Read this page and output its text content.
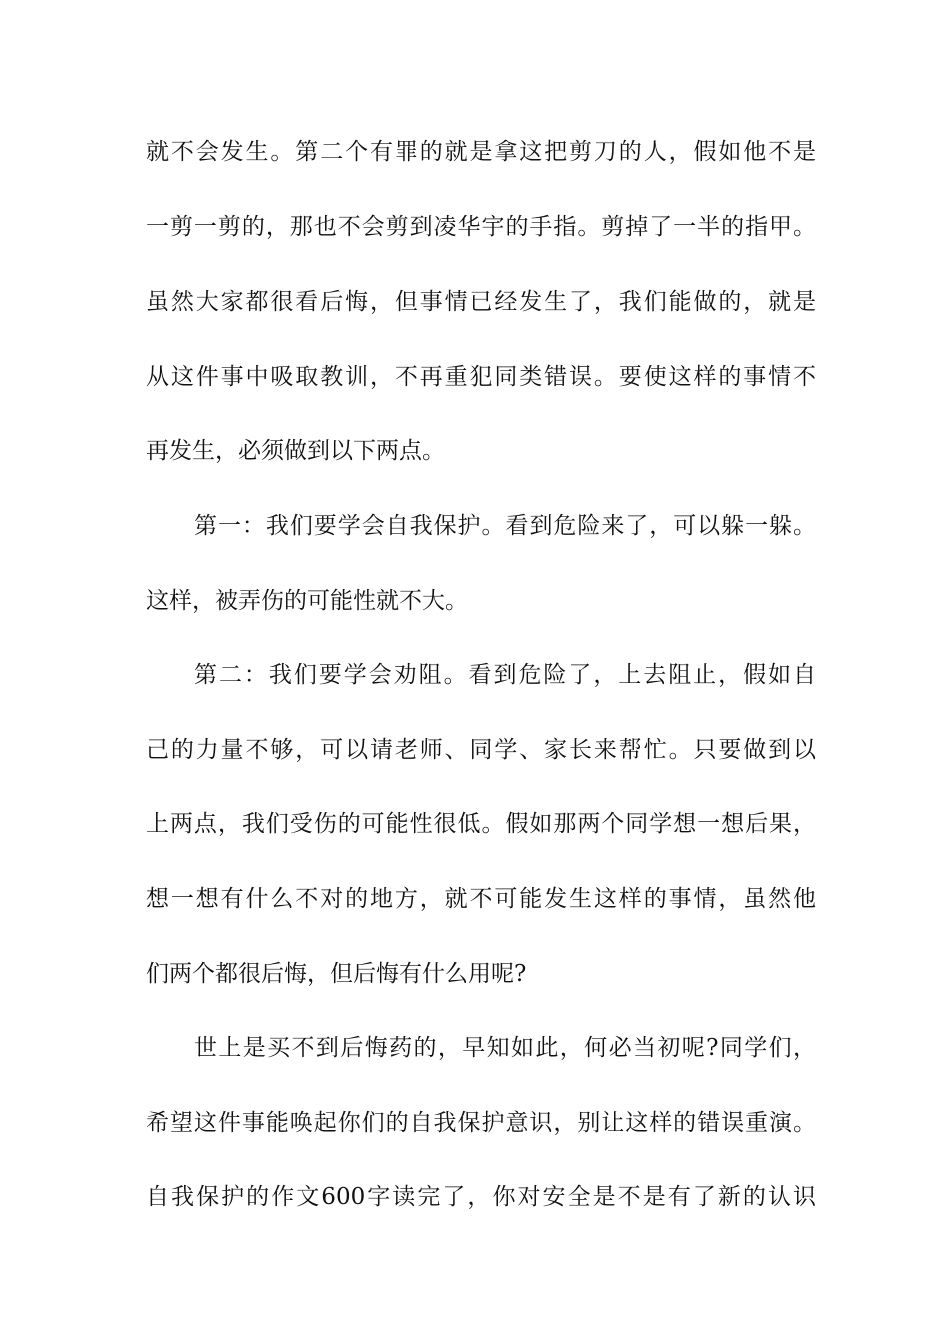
就不会发生。第二个有罪的就是拿这把剪刀的人，假如他不是
一剪一剪的，那也不会剪到凌华宇的手指。剪掉了一半的指甲。
虽然大家都很看后悔，但事情已经发生了，我们能做的，就是
从这件事中吸取教训，不再重犯同类错误。要使这样的事情不
再发生，必须做到以下两点。
第一：我们要学会自我保护。看到危险来了，可以躲一躲。
这样，被弄伤的可能性就不大。
第二：我们要学会劝阻。看到危险了，上去阻止，假如自
己的力量不够，可以请老师、同学、家长来帮忙。只要做到以
上两点，我们受伤的可能性很低。假如那两个同学想一想后果，
想一想有什么不对的地方，就不可能发生这样的事情，虽然他
们两个都很后悔，但后悔有什么用呢?
世上是买不到后悔药的，早知如此，何必当初呢?同学们，
希望这件事能唤起你们的自我保护意识，别让这样的错误重演。
自我保护的作文600字读完了，你对安全是不是有了新的认识
